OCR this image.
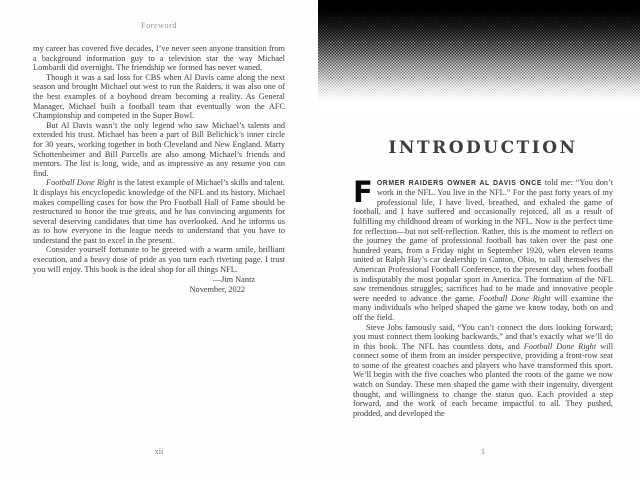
Foreword

my career has covered five decades, I’ve never seen anyone transition from a background information guy to a television star the way Michael Lombardi did overnight. The friendship we formed has never waned.

Though it was a sad loss for CBS when Al Davis came along the next season and brought Michael out west to run the Raiders, it was also one of the best examples of a boyhood dream becoming a reality. As General Manager, Michael built a football team that eventually won the AFC Championship and competed in the Super Bowl.

But Al Davis wasn’t the only legend who saw Michael’s talents and extended his trust. Michael has been a part of Bill Belichick’s inner circle for 30 years, working together in both Cleveland and New England. Marty Schottenheimer and Bill Parcells are also among Michael’s friends and mentors. The list is long, wide, and as impressive as any resume you can find.

Football Done Right is the latest example of Michael’s skills and talent. It displays his encyclopedic knowledge of the NFL and its history. Michael makes compelling cases for how the Pro Football Hall of Fame should be restructured to honor the true greats, and he has convincing arguments for several deserving candidates that time has overlooked. And he informs us as to how everyone in the league needs to understand that you have to understand the past to excel in the present.

Consider yourself fortunate to be greeted with a warm smile, brilliant execution, and a heavy dose of pride as you turn each riveting page. I trust you will enjoy. This book is the ideal shop for all things NFL.

—Jim Nantz
November, 2022
xii
INTRODUCTION

FORMER RAIDERS OWNER AL DAVIS ONCE told me: “You don’t work in the NFL. You live in the NFL.” For the past forty years of my professional life, I have lived, breathed, and exhaled the game of football, and I have suffered and occasionally rejoiced, all as a result of fulfilling my childhood dream of working in the NFL. Now is the perfect time for reflection—but not self-reflection. Rather, this is the moment to reflect on the journey the game of professional football has taken over the past one hundred years, from a Friday night in September 1920, when eleven teams united at Ralph Hay’s car dealership in Canton, Ohio, to call themselves the American Professional Football Conference, to the present day, when football is indisputably the most popular sport in America. The formation of the NFL saw tremendous struggles; sacrifices had to be made and innovative people were needed to advance the game. Football Done Right will examine the many individuals who helped shaped the game we know today, both on and off the field.

Steve Jobs famously said, “You can’t connect the dots looking forward; you must connect them looking backwards,” and that’s exactly what we’ll do in this book. The NFL has countless dots, and Football Done Right will connect some of them from an insider perspective, providing a front-row seat to some of the greatest coaches and players who have transformed this sport. We’ll begin with the five coaches who planted the roots of the game we now watch on Sunday. These men shaped the game with their ingenuity, divergent thought, and willingness to change the status quo. Each provided a step forward, and the work of each became impactful to all. They pushed, prodded, and developed the

1
